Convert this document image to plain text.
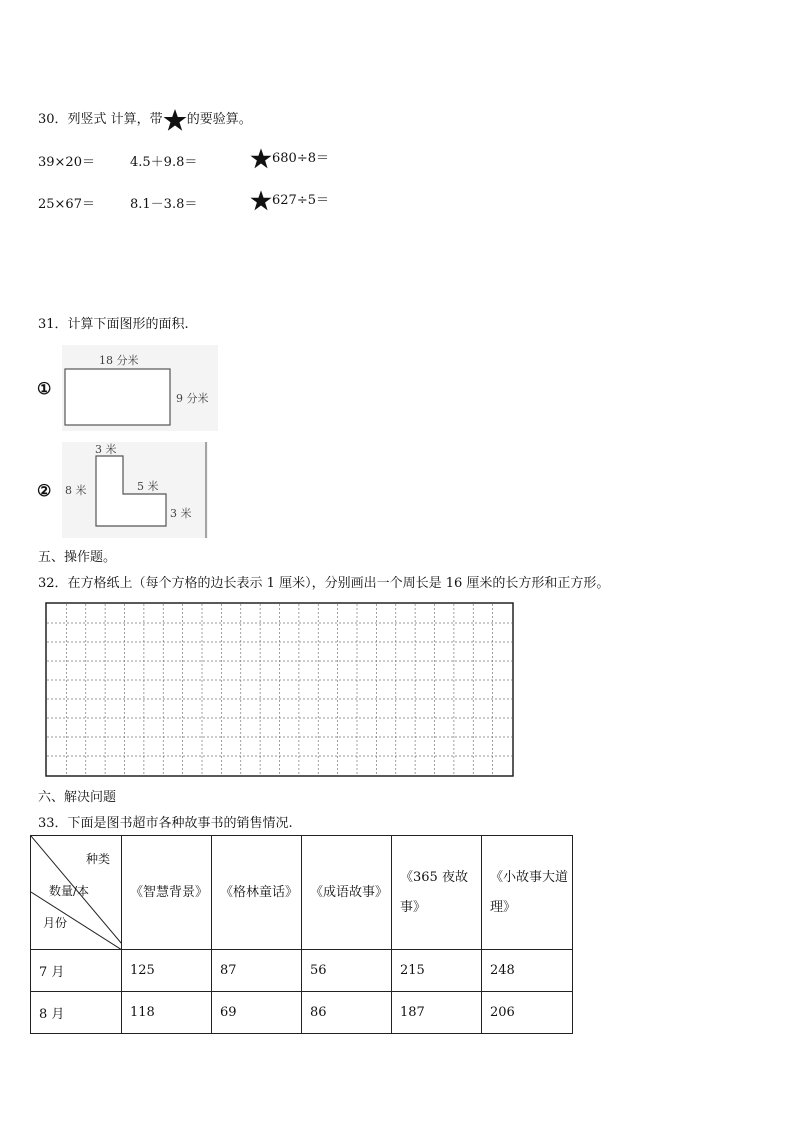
30．列竖式 计算，带 的要验算。
39×20＝	4.5＋9.8＝	680÷8＝
25×67＝	8.1－3.8＝	627÷5＝
31．计算下面图形的面积.
①
18 分米
9 分米
②
3 米
8 米	5 米
3 米
五、操作题。
32．在方格纸上（每个方格的边长表示 1 厘米），分别画出一个周长是 16 厘米的长方形和正方形。
六、解决问题
33．下面是图书超市各种故事书的销售情况.
种类
数量/本
月份	《智慧背景》	《格林童话》	《成语故事》	《365 夜故事》	《小故事大道理》
7 月	125	87	56	215	248
8 月	118	69	86	187	206
